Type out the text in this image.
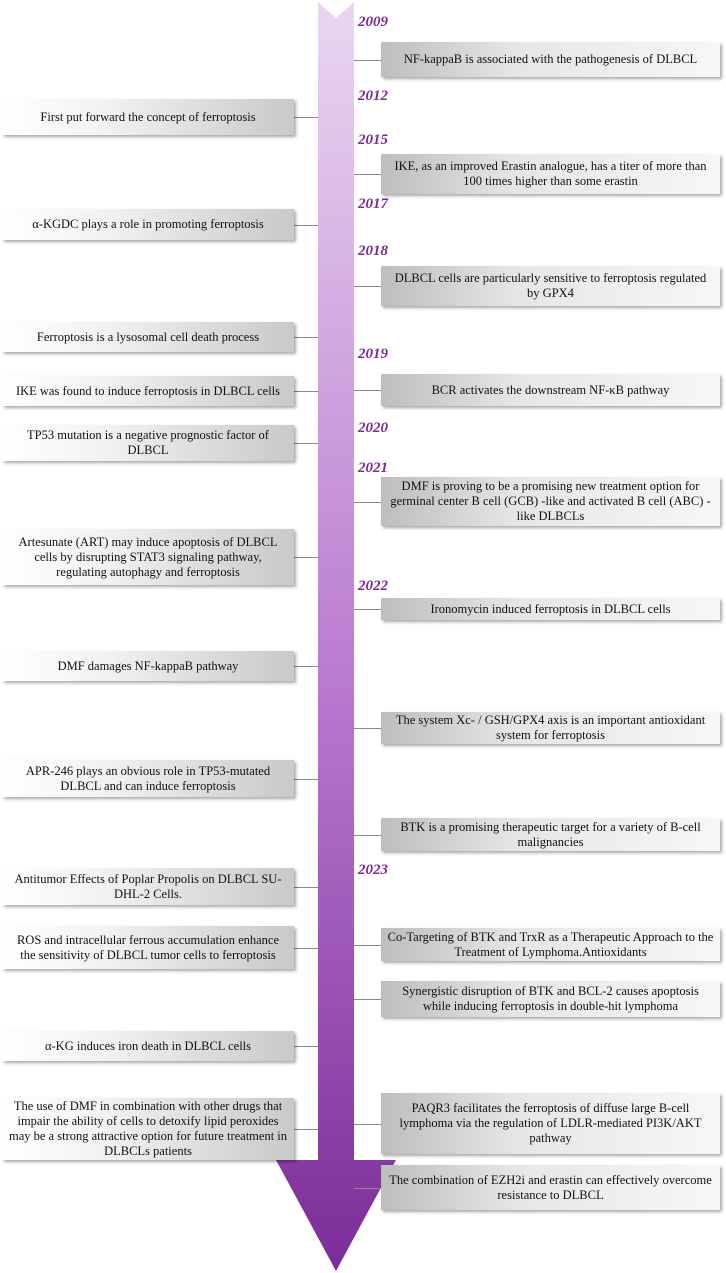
2009
2012
2015
2017
2018
2019
2020
2021
2022
2023
First put forward the concept of ferroptosis
α-KGDC plays a role in promoting ferroptosis
Ferroptosis is a lysosomal cell death process
IKE was found to induce ferroptosis in DLBCL cells
TP53 mutation is a negative prognostic factor of DLBCL
Artesunate (ART) may induce apoptosis of DLBCL cells by disrupting STAT3 signaling pathway, regulating autophagy and ferroptosis
DMF damages NF-kappaB pathway
APR-246 plays an obvious role in TP53-mutated DLBCL and can induce ferroptosis
Antitumor Effects of Poplar Propolis on DLBCL SU-DHL-2 Cells.
ROS and intracellular ferrous accumulation enhance the sensitivity of DLBCL tumor cells to ferroptosis
α-KG induces iron death in DLBCL cells
The use of DMF in combination with other drugs that impair the ability of cells to detoxify lipid peroxides may be a strong attractive option for future treatment in DLBCLs patients
NF-kappaB is associated with the pathogenesis of DLBCL
IKE, as an improved Erastin analogue, has a titer of more than 100 times higher than some erastin
DLBCL cells are particularly sensitive to ferroptosis regulated by GPX4
BCR activates the downstream NF-κB pathway
DMF is proving to be a promising new treatment option for germinal center B cell (GCB) -like and activated B cell (ABC) -like DLBCLs
Ironomycin induced ferroptosis in DLBCL cells
The system Xc- / GSH/GPX4 axis is an important antioxidant system for ferroptosis
BTK is a promising therapeutic target for a variety of B-cell malignancies
Co-Targeting of BTK and TrxR as a Therapeutic Approach to the Treatment of Lymphoma.Antioxidants
Synergistic disruption of BTK and BCL-2 causes apoptosis while inducing ferroptosis in double-hit lymphoma
PAQR3 facilitates the ferroptosis of diffuse large B-cell lymphoma via the regulation of LDLR-mediated PI3K/AKT pathway
The combination of EZH2i and erastin can effectively overcome resistance to DLBCL
